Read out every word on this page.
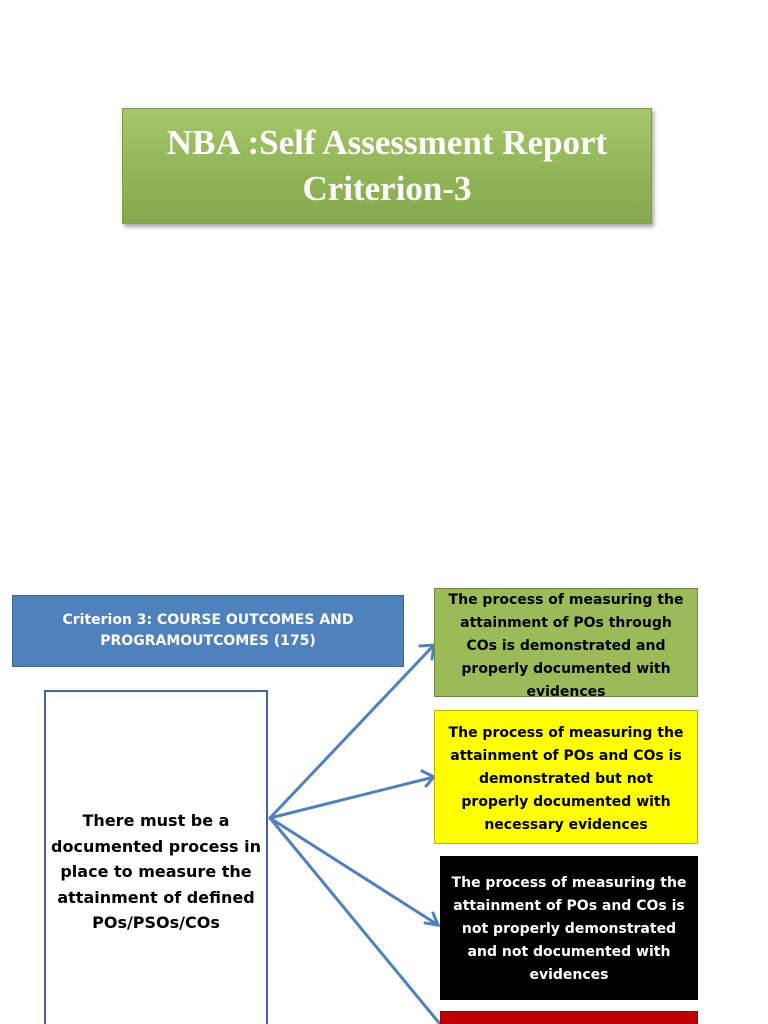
NBA :Self Assessment Report
Criterion-3
Criterion 3: COURSE OUTCOMES AND
PROGRAMOUTCOMES (175)
There must be a
documented process in
place to measure the
attainment of defined
POs/PSOs/COs
The process of measuring the
attainment of POs through
COs is demonstrated and
properly documented with
evidences
The process of measuring the
attainment of POs and COs is
demonstrated but not
properly documented with
necessary evidences
The process of measuring the
attainment of POs and COs is
not properly demonstrated
and not documented with
evidences
